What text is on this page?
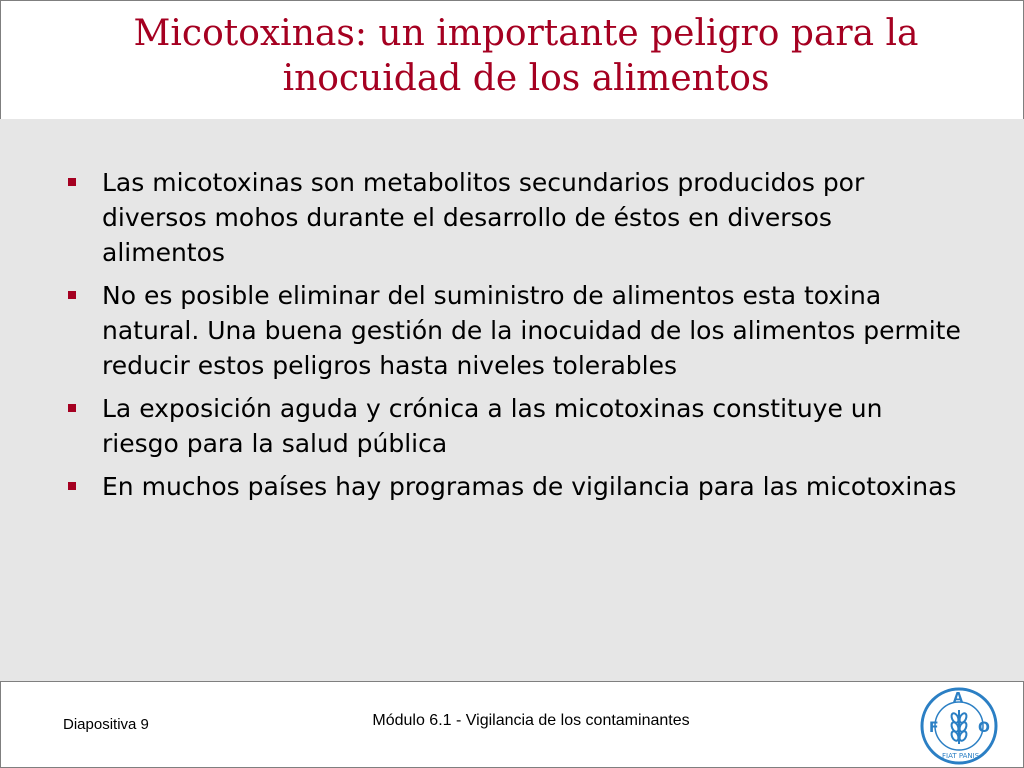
Micotoxinas: un importante peligro para la
inocuidad de los alimentos
Las micotoxinas son metabolitos secundarios producidos por diversos mohos durante el desarrollo de éstos en diversos alimentos
No es posible eliminar del suministro de alimentos esta toxina natural. Una buena gestión de la inocuidad de los alimentos permite reducir estos peligros hasta niveles tolerables
La exposición aguda y crónica a las micotoxinas constituye un riesgo para la salud pública
En muchos países hay programas de vigilancia para las micotoxinas
Diapositiva 9	Módulo 6.1 - Vigilancia de los contaminantes	F
A
O
FIAT PANIS
